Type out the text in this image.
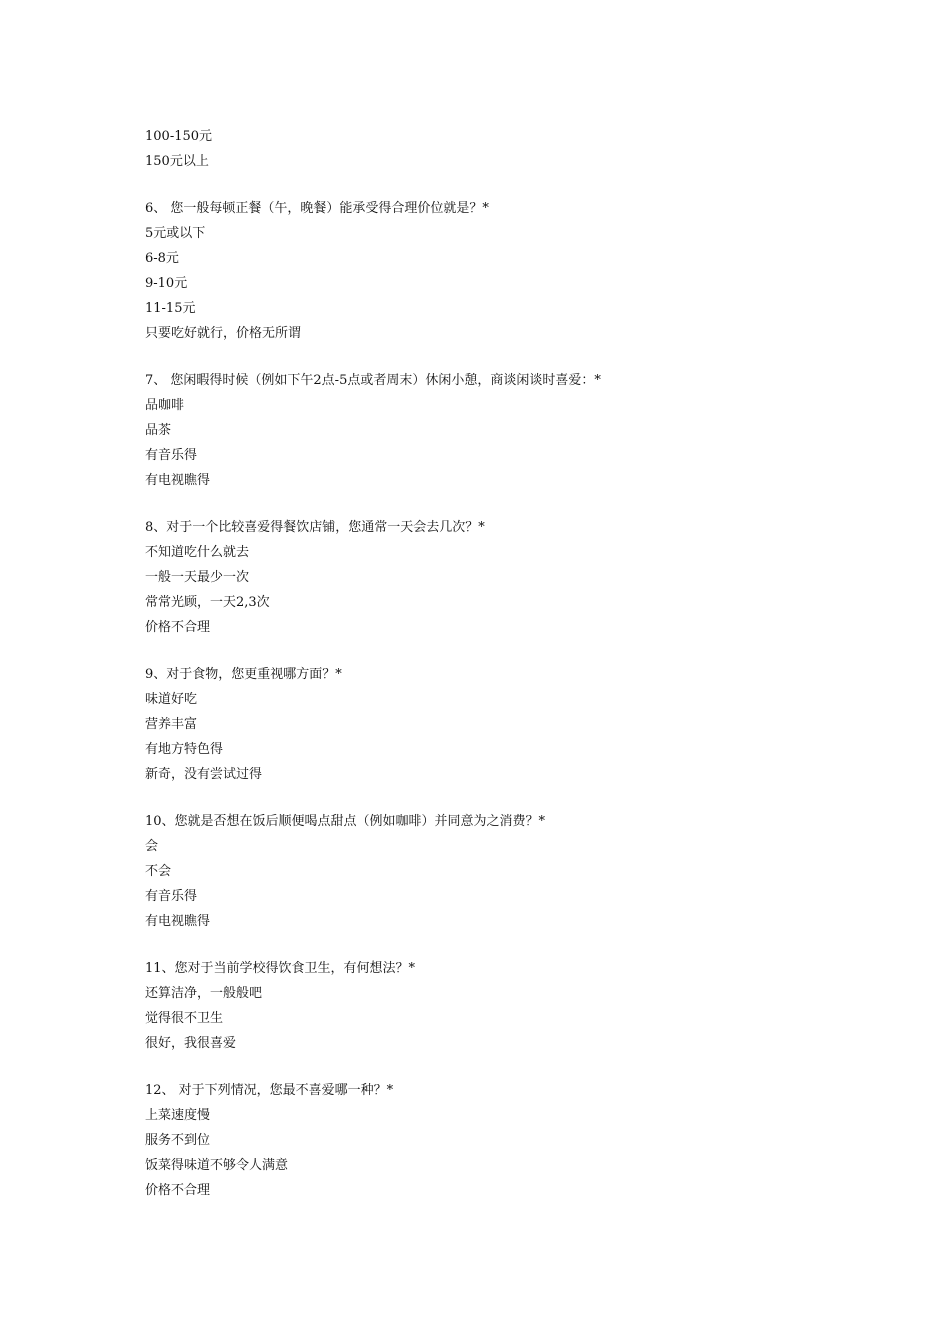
100-150元
150元以上
6、 您一般每顿正餐（午，晚餐）能承受得合理价位就是？*
5元或以下
6-8元
9-10元
11-15元
只要吃好就行，价格无所谓
7、 您闲暇得时候（例如下午2点-5点或者周末）休闲小憩，商谈闲谈时喜爱：*
品咖啡
品茶
有音乐得
有电视瞧得
8、对于一个比较喜爱得餐饮店铺，您通常一天会去几次？*
不知道吃什么就去
一般一天最少一次
常常光顾，一天2,3次
价格不合理
9、对于食物，您更重视哪方面？*
味道好吃
营养丰富
有地方特色得
新奇，没有尝试过得
10、您就是否想在饭后顺便喝点甜点（例如咖啡）并同意为之消费？*
会
不会
有音乐得
有电视瞧得
11、您对于当前学校得饮食卫生，有何想法？*
还算洁净，一般般吧
觉得很不卫生
很好，我很喜爱
12、 对于下列情况，您最不喜爱哪一种？*
上菜速度慢
服务不到位
饭菜得味道不够令人满意
价格不合理
